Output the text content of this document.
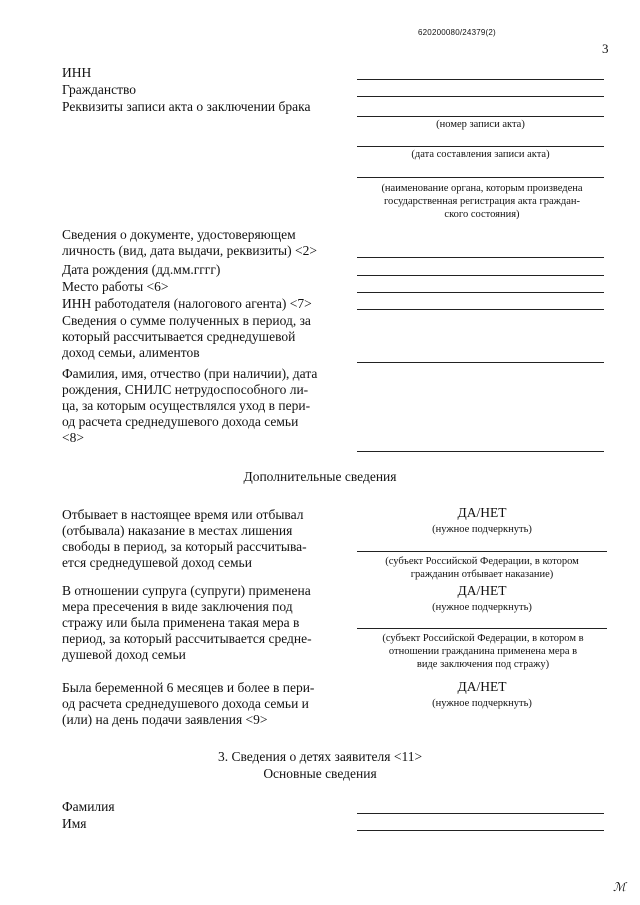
620200080/24379(2)
3
ИНН
Гражданство
Реквизиты записи акта о заключении брака
(номер записи акта)
(дата составления записи акта)
(наименование органа, которым произведена
государственная регистрация акта граждан-
ского состояния)
Сведения о документе, удостоверяющем
личность (вид, дата выдачи, реквизиты) <2>
Дата рождения (дд.мм.гггг)
Место работы <6>
ИНН работодателя (налогового агента) <7>
Сведения о сумме полученных в период, за
который рассчитывается среднедушевой
доход семьи, алиментов
Фамилия, имя, отчество (при наличии), дата
рождения, СНИЛС нетрудоспособного ли-
ца, за которым осуществлялся уход в пери-
од расчета среднедушевого дохода семьи
<8>
Дополнительные сведения
Отбывает в настоящее время или отбывал
(отбывала) наказание в местах лишения
свободы в период, за который рассчитыва-
ется среднедушевой доход семьи
ДА/НЕТ
(нужное подчеркнуть)
(субъект Российской Федерации, в котором
гражданин отбывает наказание)
В отношении супруга (супруги) применена
мера пресечения в виде заключения под
стражу или была применена такая мера в
период, за который рассчитывается средне-
душевой доход семьи
ДА/НЕТ
(нужное подчеркнуть)
(субъект Российской Федерации, в котором в
отношении гражданина применена мера в
виде заключения под стражу)
Была беременной 6 месяцев и более в пери-
од расчета среднедушевого дохода семьи и
(или) на день подачи заявления <9>
ДА/НЕТ
(нужное подчеркнуть)
3. Сведения о детях заявителя <11>
Основные сведения
Фамилия
Имя
ℳ
